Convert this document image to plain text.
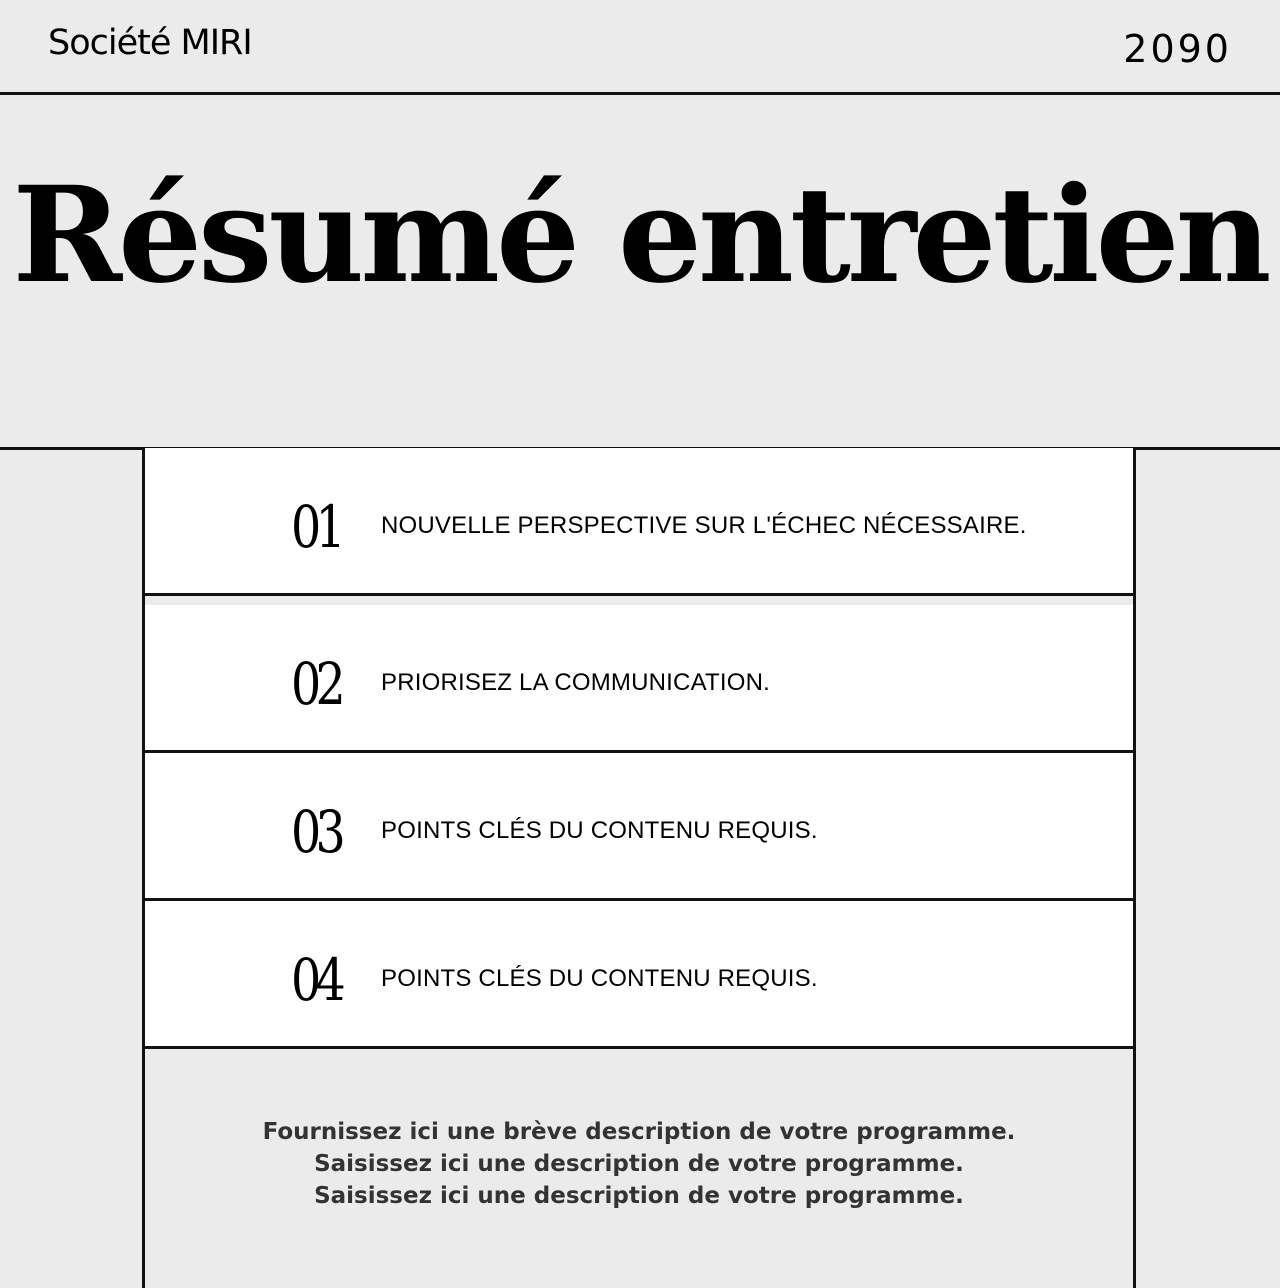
Société MIRI	2090
Résumé entretien
01 NOUVELLE PERSPECTIVE SUR L'ÉCHEC NÉCESSAIRE.
02 PRIORISEZ LA COMMUNICATION.
03 POINTS CLÉS DU CONTENU REQUIS.
04 POINTS CLÉS DU CONTENU REQUIS.
Fournissez ici une brève description de votre programme.
Saisissez ici une description de votre programme.
Saisissez ici une description de votre programme.
